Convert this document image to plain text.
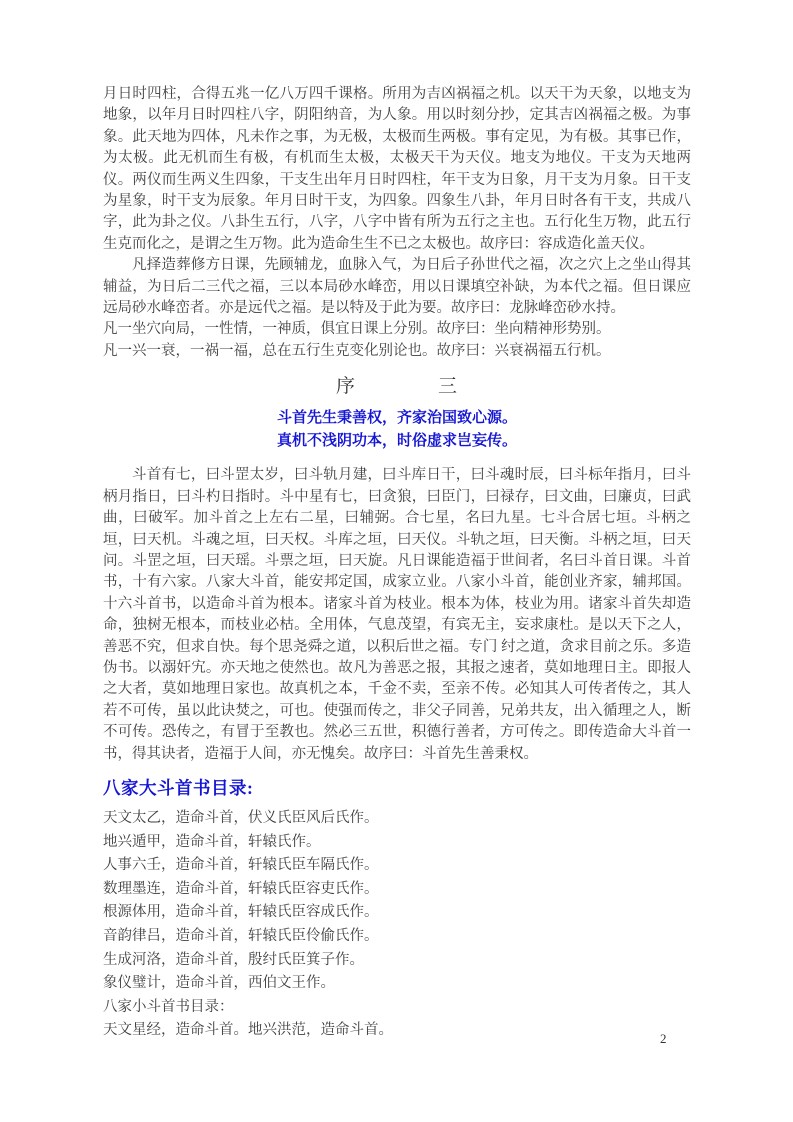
月日时四柱，合得五兆一亿八万四千课格。所用为吉凶祸福之机。以天干为天象，以地支为地象，以年月日时四柱八字，阴阳纳音，为人象。用以时刻分抄，定其吉凶祸福之极。为事象。此天地为四体，凡未作之事，为无极，太极而生两极。事有定见，为有极。其事已作，为太极。此无机而生有极，有机而生太极，太极天干为天仪。地支为地仪。干支为天地两仪。两仪而生两义生四象，干支生出年月日时四柱，年干支为日象，月干支为月象。日干支为星象，时干支为辰象。年月日时干支，为四象。四象生八卦，年月日时各有干支，共成八字，此为卦之仪。八卦生五行，八字，八字中皆有所为五行之主也。五行化生万物，此五行生克而化之，是谓之生万物。此为造命生生不已之太极也。故序曰：容成造化盖天仪。

凡择造葬修方日课，先顾辅龙，血脉入气，为日后子孙世代之福，次之穴上之坐山得其辅益，为日后二三代之福，三以本局砂水峰峦，用以日课填空补缺，为本代之福。但日课应远局砂水峰峦者。亦是远代之福。是以特及于此为要。故序曰：龙脉峰峦砂水持。

凡一坐穴向局，一性情，一神质，俱宜日课上分别。故序曰：坐向精神形势别。

凡一兴一衰，一祸一福，总在五行生克变化别论也。故序曰：兴衰祸福五行机。

序	三
斗首先生秉善权，齐家治国致心源。
真机不浅阴功本，时俗虚求岂妄传。

斗首有七，曰斗罡太岁，曰斗轨月建，曰斗库日干，曰斗魂时辰，曰斗标年指月，曰斗柄月指日，曰斗杓日指时。斗中星有七，曰贪狼，曰臣门，曰禄存，曰文曲，曰廉贞，曰武曲，曰破军。加斗首之上左右二星，曰辅弼。合七星，名曰九星。七斗合居七垣。斗柄之垣，曰天机。斗魂之垣，曰天权。斗库之垣，曰天仪。斗轨之垣，曰天衡。斗柄之垣，曰天问。斗罡之垣，曰天瑶。斗票之垣，曰天旋。凡日课能造福于世间者，名曰斗首日课。斗首书，十有六家。八家大斗首，能安邦定国，成家立业。八家小斗首，能创业齐家，辅邦国。十六斗首书，以造命斗首为根本。诸家斗首为枝业。根本为体，枝业为用。诸家斗首失却造命，独树无根本，而枝业必枯。全用体，气息茂望，有宾无主，妄求康杜。是以天下之人，善恶不究，但求自快。每个思尧舜之道，以积后世之福。专门 纣之道，贪求目前之乐。多造伪书。以溺奸宄。亦天地之使然也。故凡为善恶之报，其报之速者，莫如地理日主。即报人之大者，莫如地理日家也。故真机之本，千金不卖，至亲不传。必知其人可传者传之，其人若不可传，虽以此诀焚之，可也。使强而传之，非父子同善，兄弟共友，出入循理之人，断不可传。恐传之，有冒于至教也。然必三五世，积德行善者，方可传之。即传造命大斗首一书，得其诀者，造福于人间，亦无愧矣。故序曰：斗首先生善秉权。

八家大斗首书目录:
天文太乙，造命斗首，伏义氏臣风后氏作。
地兴遁甲，造命斗首，轩辕氏作。
人事六壬，造命斗首，轩辕氏臣车隔氏作。
数理墨连，造命斗首，轩辕氏臣容吏氏作。
根源体用，造命斗首，轩辕氏臣容成氏作。
音韵律吕，造命斗首，轩辕氏臣伶偷氏作。
生成河洛，造命斗首，殷纣氏臣箕子作。
象仪璧计，造命斗首，西伯文王作。
八家小斗首书目录：
天文星经，造命斗首。地兴洪范，造命斗首。
2
